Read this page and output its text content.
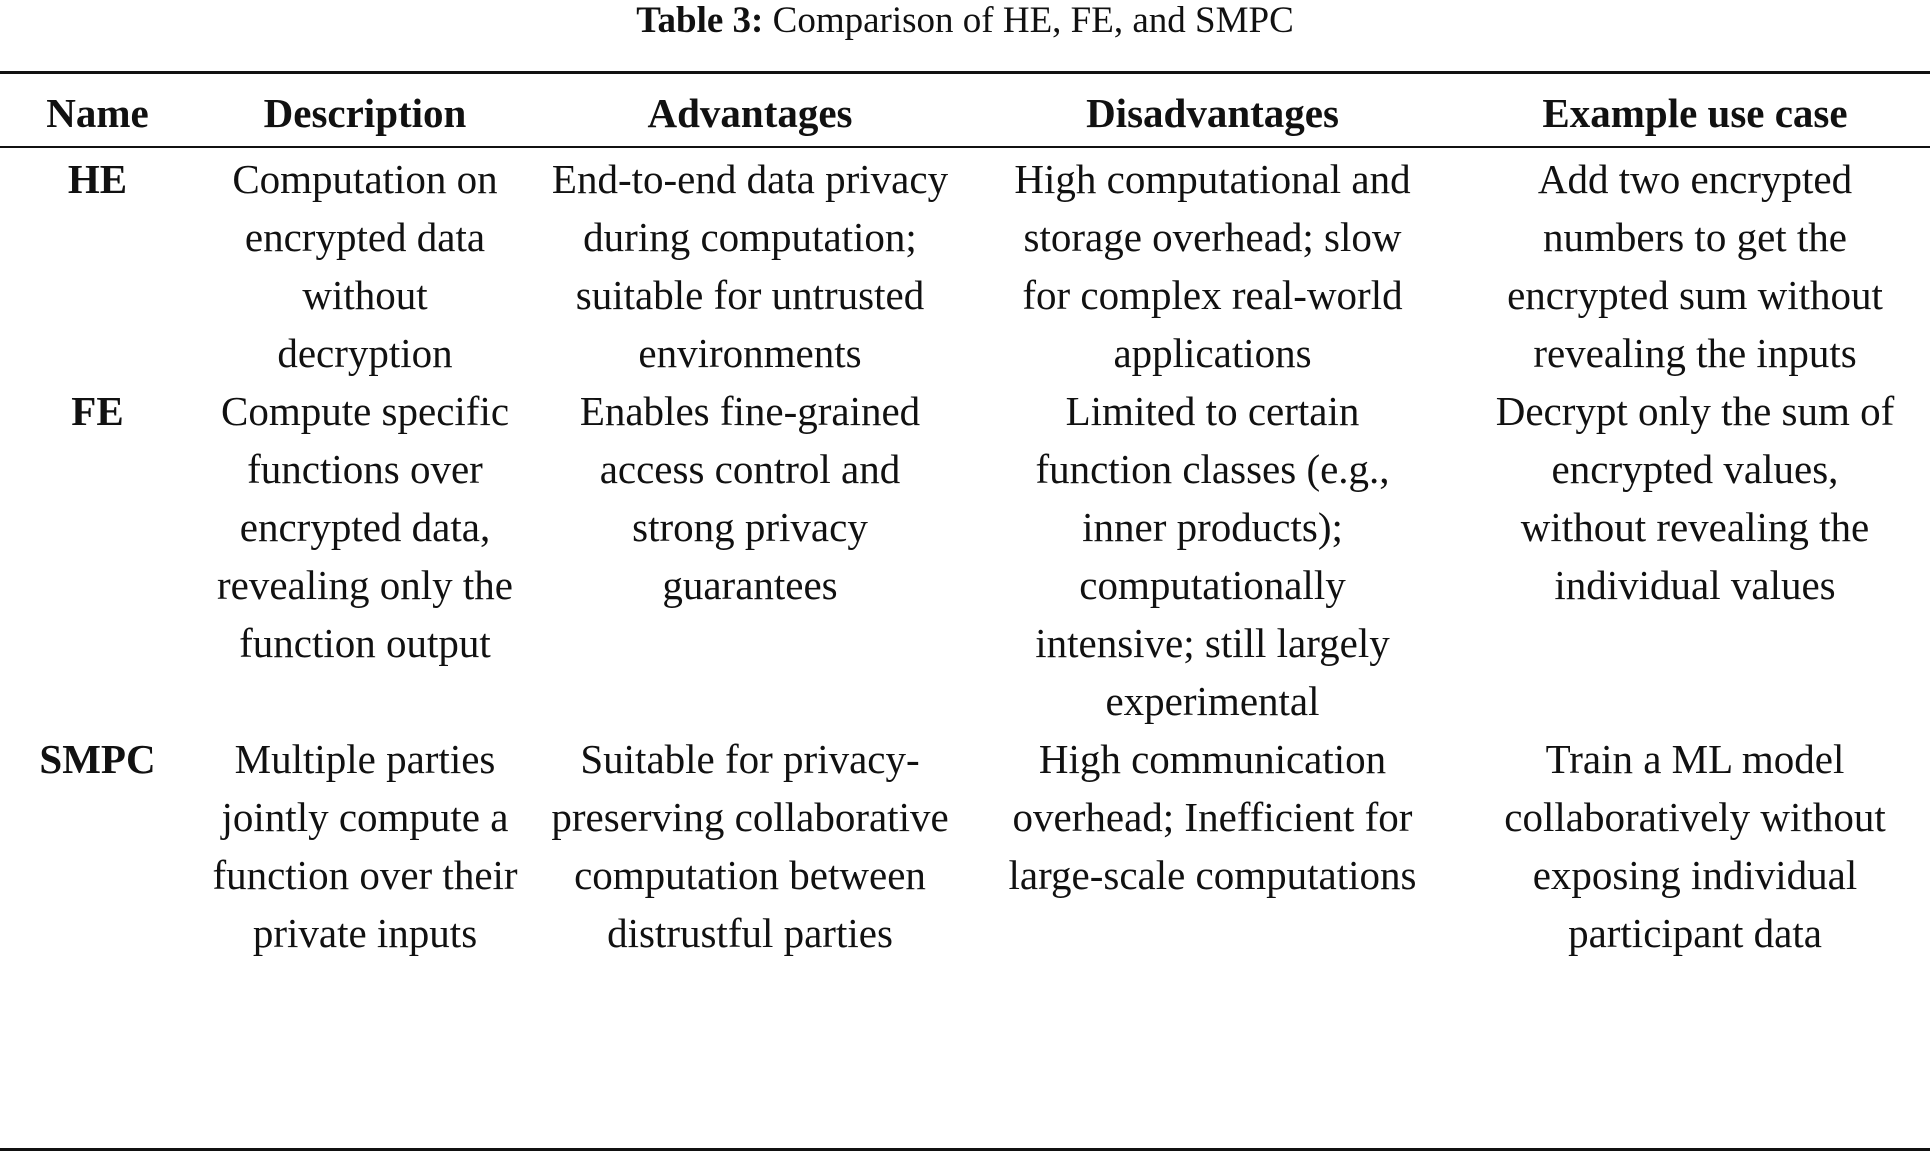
Table 3: Comparison of HE, FE, and SMPC
Name	Description	Advantages	Disadvantages	Example use case

HE	Computation on encrypted data without decryption	End-to-end data privacy during computation; suitable for untrusted environments	High computational and storage overhead; slow for complex real-world applications	Add two encrypted numbers to get the encrypted sum without revealing the inputs

FE	Compute specific functions over encrypted data, revealing only the function output	Enables fine-grained access control and strong privacy guarantees	Limited to certain function classes (e.g., inner products); computationally intensive; still largely experimental	Decrypt only the sum of encrypted values, without revealing the individual values

SMPC	Multiple parties jointly compute a function over their private inputs	Suitable for privacy-preserving collaborative computation between distrustful parties	High communication overhead; Inefficient for large-scale computations	Train a ML model collaboratively without exposing individual participant data
